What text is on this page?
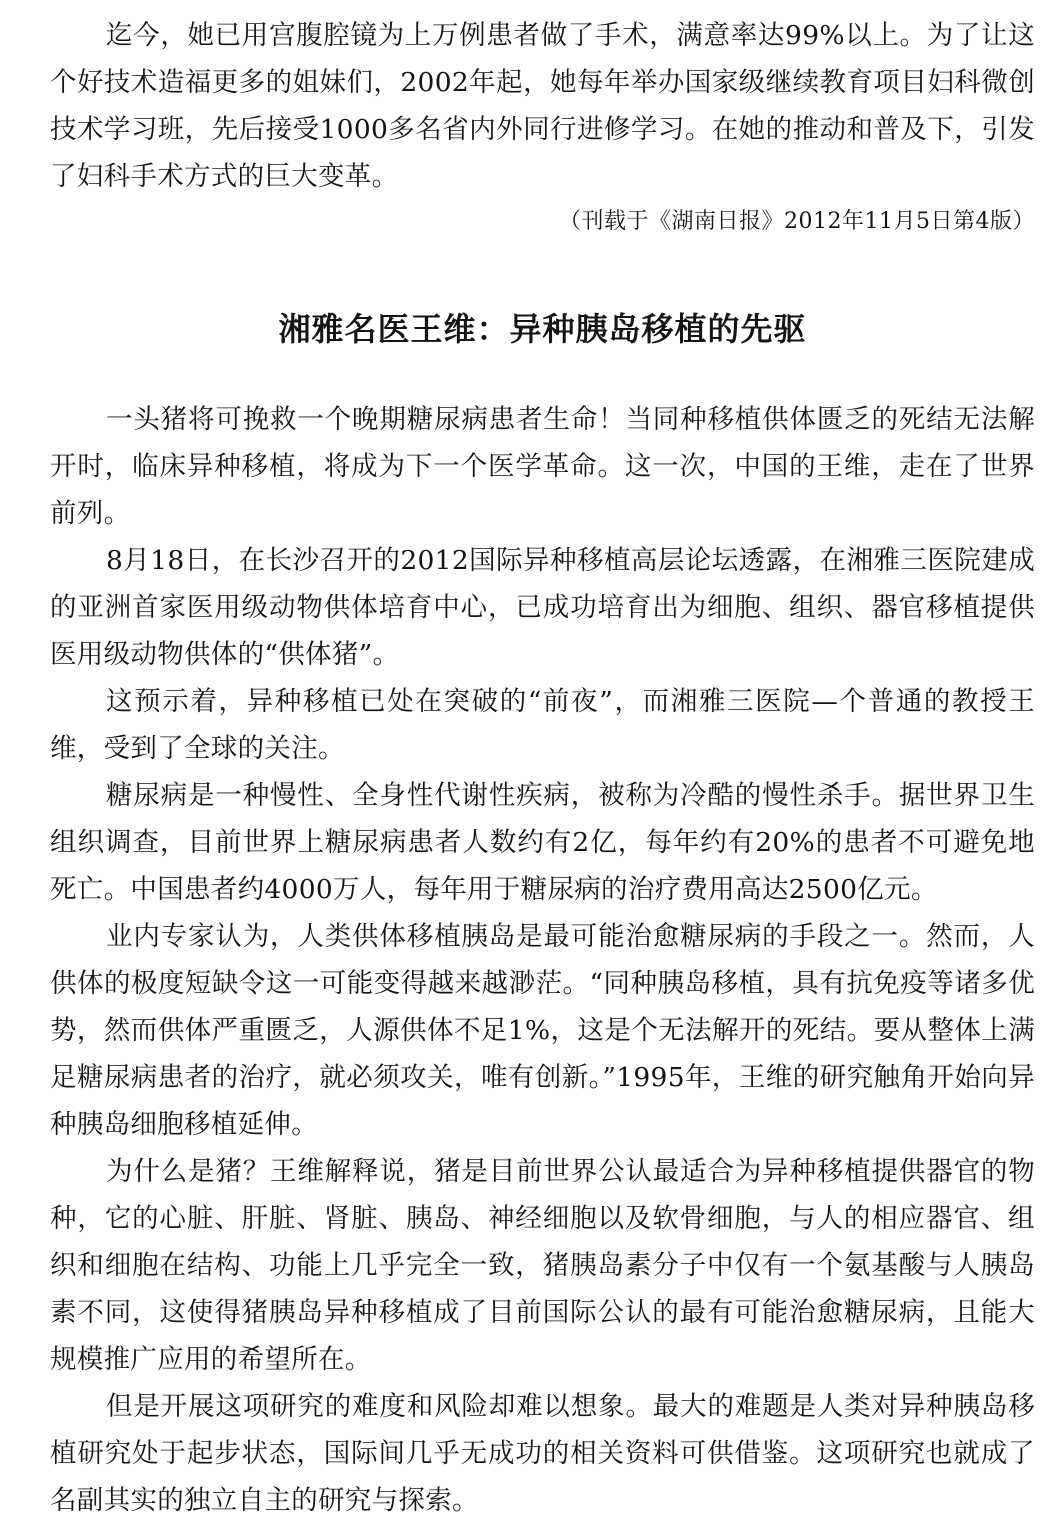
迄今，她已用宫腹腔镜为上万例患者做了手术，满意率达99%以上。为了让这个好技术造福更多的姐妹们，2002年起，她每年举办国家级继续教育项目妇科微创技术学习班，先后接受1000多名省内外同行进修学习。在她的推动和普及下，引发了妇科手术方式的巨大变革。

（刊载于《湖南日报》2012年11月5日第4版）

湘雅名医王维：异种胰岛移植的先驱

一头猪将可挽救一个晚期糖尿病患者生命！当同种移植供体匮乏的死结无法解开时，临床异种移植，将成为下一个医学革命。这一次，中国的王维，走在了世界前列。

8月18日，在长沙召开的2012国际异种移植高层论坛透露，在湘雅三医院建成的亚洲首家医用级动物供体培育中心，已成功培育出为细胞、组织、器官移植提供医用级动物供体的“供体猪”。

这预示着，异种移植已处在突破的“前夜”，而湘雅三医院—个普通的教授王维，受到了全球的关注。

糖尿病是一种慢性、全身性代谢性疾病，被称为冷酷的慢性杀手。据世界卫生组织调查，目前世界上糖尿病患者人数约有2亿，每年约有20%的患者不可避免地死亡。中国患者约4000万人，每年用于糖尿病的治疗费用高达2500亿元。

业内专家认为，人类供体移植胰岛是最可能治愈糖尿病的手段之一。然而，人供体的极度短缺令这一可能变得越来越渺茫。“同种胰岛移植，具有抗免疫等诸多优势，然而供体严重匮乏，人源供体不足1%，这是个无法解开的死结。要从整体上满足糖尿病患者的治疗，就必须攻关，唯有创新。”1995年，王维的研究触角开始向异种胰岛细胞移植延伸。

为什么是猪？王维解释说，猪是目前世界公认最适合为异种移植提供器官的物种，它的心脏、肝脏、肾脏、胰岛、神经细胞以及软骨细胞，与人的相应器官、组织和细胞在结构、功能上几乎完全一致，猪胰岛素分子中仅有一个氨基酸与人胰岛素不同，这使得猪胰岛异种移植成了目前国际公认的最有可能治愈糖尿病，且能大规模推广应用的希望所在。

但是开展这项研究的难度和风险却难以想象。最大的难题是人类对异种胰岛移植研究处于起步状态，国际间几乎无成功的相关资料可供借鉴。这项研究也就成了名副其实的独立自主的研究与探索。
